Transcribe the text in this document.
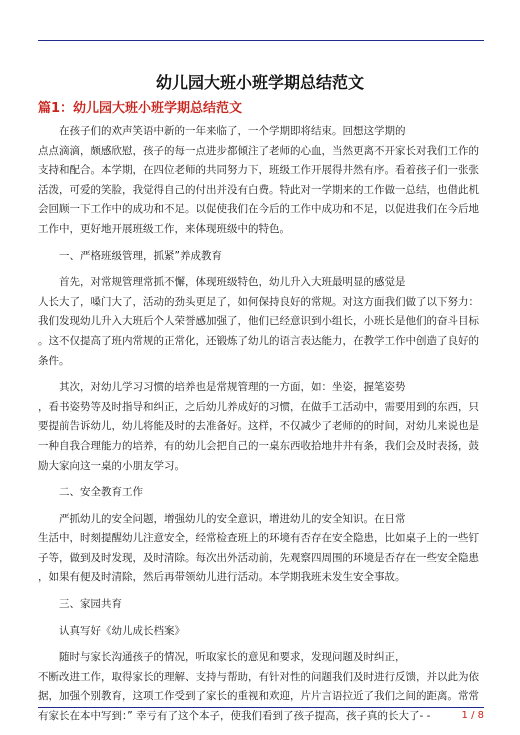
幼儿园大班小班学期总结范文
篇1：幼儿园大班小班学期总结范文
在孩子们的欢声笑语中新的一年来临了，一个学期即将结束。回想这学期的
点点滴滴，颇感欣慰，孩子的每一点进步都倾注了老师的心血，当然更离不开家长对我们工作的
支持和配合。本学期，在四位老师的共同努力下，班级工作开展得井然有序。看着孩子们一张张
活泼，可爱的笑脸，我觉得自己的付出并没有白费。特此对一学期来的工作做一总结，也借此机
会回顾一下工作中的成功和不足。以促使我们在今后的工作中成功和不足，以促进我们在今后地
工作中，更好地开展班级工作，来体现班级中的特色。
一、严格班级管理，抓紧”养成教育
首先，对常规管理常抓不懈，体现班级特色，幼儿升入大班最明显的感觉是
人长大了，嗓门大了，活动的劲头更足了，如何保持良好的常规。对这方面我们做了以下努力：
我们发现幼儿升入大班后个人荣誉感加强了，他们已经意识到小组长，小班长是他们的奋斗目标
。这不仅提高了班内常规的正常化，还锻炼了幼儿的语言表达能力，在教学工作中创造了良好的
条件。
其次，对幼儿学习习惯的培养也是常规管理的一方面，如：坐姿，握笔姿势
，看书姿势等及时指导和纠正，之后幼儿养成好的习惯，在做手工活动中，需要用到的东西，只
要提前告诉幼儿，幼儿将能及时的去准备好。这样，不仅减少了老师的的时间，对幼儿来说也是
一种自我合理能力的培养，有的幼儿会把自己的一桌东西收拾地井井有条，我们会及时表扬，鼓
励大家向这一桌的小朋友学习。
二、安全教育工作
严抓幼儿的安全问题，增强幼儿的安全意识，增进幼儿的安全知识。在日常
生活中，时刻提醒幼儿注意安全，经常检查班上的环境有否存在安全隐患，比如桌子上的一些钉
子等，做到及时发现，及时清除。每次出外活动前，先观察四周围的环境是否存在一些安全隐患
，如果有便及时清除，然后再带领幼儿进行活动。本学期我班未发生安全事故。
三、家园共育
认真写好《幼儿成长档案》
随时与家长沟通孩子的情况，听取家长的意见和要求，发现问题及时纠正，
不断改进工作，取得家长的理解、支持与帮助，有针对性的问题我们及时进行反馈，并以此为依
据，加强个别教育，这项工作受到了家长的重视和欢迎，片片言语拉近了我们之间的距离。常常
有家长在本中写到：” 幸亏有了这个本子，使我们看到了孩子提高，孩子真的长大了- -	1 / 8
